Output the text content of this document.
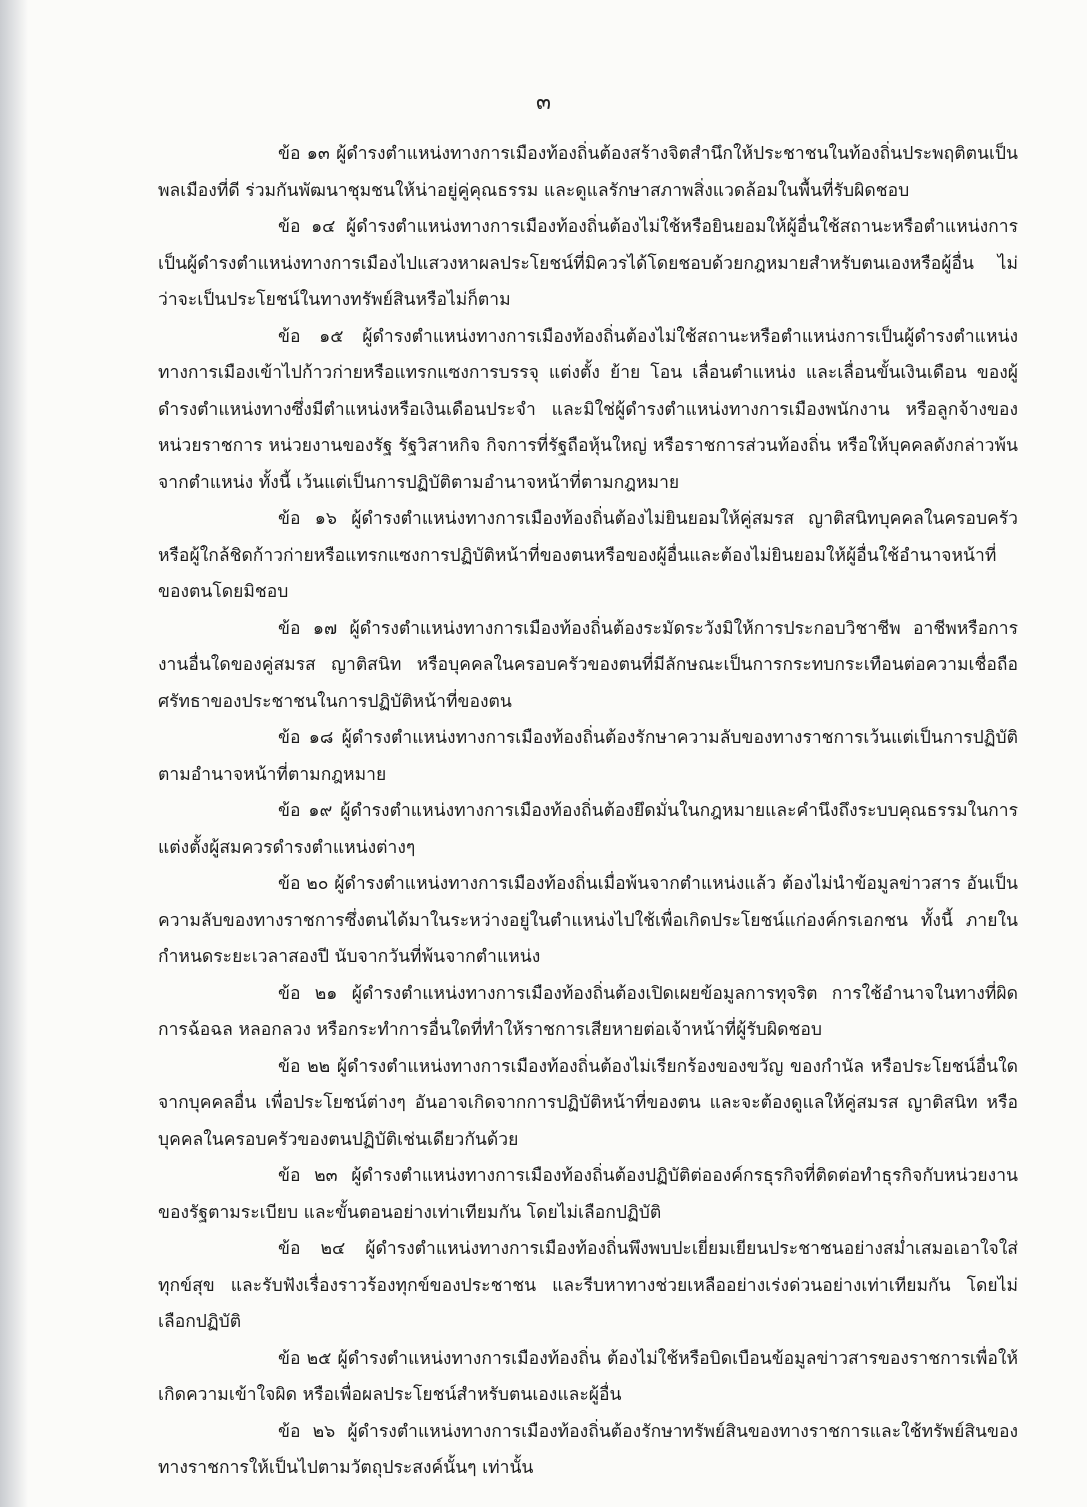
๓

ข้อ ๑๓ ผู้ดำรงตำแหน่งทางการเมืองท้องถิ่นต้องสร้างจิตสำนึกให้ประชาชนในท้องถิ่นประพฤติตนเป็นพลเมืองที่ดี ร่วมกันพัฒนาชุมชนให้น่าอยู่คู่คุณธรรม และดูแลรักษาสภาพสิ่งแวดล้อมในพื้นที่รับผิดชอบ

ข้อ ๑๔ ผู้ดำรงตำแหน่งทางการเมืองท้องถิ่นต้องไม่ใช้หรือยินยอมให้ผู้อื่นใช้สถานะหรือตำแหน่งการเป็นผู้ดำรงตำแหน่งทางการเมืองไปแสวงหาผลประโยชน์ที่มิควรได้โดยชอบด้วยกฎหมายสำหรับตนเองหรือผู้อื่น ไม่ว่าจะเป็นประโยชน์ในทางทรัพย์สินหรือไม่ก็ตาม

ข้อ ๑๕ ผู้ดำรงตำแหน่งทางการเมืองท้องถิ่นต้องไม่ใช้สถานะหรือตำแหน่งการเป็นผู้ดำรงตำแหน่งทางการเมืองเข้าไปก้าวก่ายหรือแทรกแซงการบรรจุ แต่งตั้ง ย้าย โอน เลื่อนตำแหน่ง และเลื่อนขั้นเงินเดือน ของผู้ดำรงตำแหน่งทางซึ่งมีตำแหน่งหรือเงินเดือนประจำ และมิใช่ผู้ดำรงตำแหน่งทางการเมืองพนักงาน หรือลูกจ้างของหน่วยราชการ หน่วยงานของรัฐ รัฐวิสาหกิจ กิจการที่รัฐถือหุ้นใหญ่ หรือราชการส่วนท้องถิ่น หรือให้บุคคลดังกล่าวพ้นจากตำแหน่ง ทั้งนี้ เว้นแต่เป็นการปฏิบัติตามอำนาจหน้าที่ตามกฎหมาย

ข้อ ๑๖ ผู้ดำรงตำแหน่งทางการเมืองท้องถิ่นต้องไม่ยินยอมให้คู่สมรส ญาติสนิทบุคคลในครอบครัวหรือผู้ใกล้ชิดก้าวก่ายหรือแทรกแซงการปฏิบัติหน้าที่ของตนหรือของผู้อื่นและต้องไม่ยินยอมให้ผู้อื่นใช้อำนาจหน้าที่ของตนโดยมิชอบ

ข้อ ๑๗ ผู้ดำรงตำแหน่งทางการเมืองท้องถิ่นต้องระมัดระวังมิให้การประกอบวิชาชีพ อาชีพหรือการงานอื่นใดของคู่สมรส ญาติสนิท หรือบุคคลในครอบครัวของตนที่มีลักษณะเป็นการกระทบกระเทือนต่อความเชื่อถือศรัทธาของประชาชนในการปฏิบัติหน้าที่ของตน

ข้อ ๑๘ ผู้ดำรงตำแหน่งทางการเมืองท้องถิ่นต้องรักษาความลับของทางราชการเว้นแต่เป็นการปฏิบัติตามอำนาจหน้าที่ตามกฎหมาย

ข้อ ๑๙ ผู้ดำรงตำแหน่งทางการเมืองท้องถิ่นต้องยึดมั่นในกฎหมายและคำนึงถึงระบบคุณธรรมในการแต่งตั้งผู้สมควรดำรงตำแหน่งต่างๆ

ข้อ ๒๐ ผู้ดำรงตำแหน่งทางการเมืองท้องถิ่นเมื่อพ้นจากตำแหน่งแล้ว ต้องไม่นำข้อมูลข่าวสาร อันเป็นความลับของทางราชการซึ่งตนได้มาในระหว่างอยู่ในตำแหน่งไปใช้เพื่อเกิดประโยชน์แก่องค์กรเอกชน ทั้งนี้ ภายในกำหนดระยะเวลาสองปี นับจากวันที่พ้นจากตำแหน่ง

ข้อ ๒๑ ผู้ดำรงตำแหน่งทางการเมืองท้องถิ่นต้องเปิดเผยข้อมูลการทุจริต การใช้อำนาจในทางที่ผิด การฉ้อฉล หลอกลวง หรือกระทำการอื่นใดที่ทำให้ราชการเสียหายต่อเจ้าหน้าที่ผู้รับผิดชอบ

ข้อ ๒๒ ผู้ดำรงตำแหน่งทางการเมืองท้องถิ่นต้องไม่เรียกร้องของขวัญ ของกำนัล หรือประโยชน์อื่นใดจากบุคคลอื่น เพื่อประโยชน์ต่างๆ อันอาจเกิดจากการปฏิบัติหน้าที่ของตน และจะต้องดูแลให้คู่สมรส ญาติสนิท หรือบุคคลในครอบครัวของตนปฏิบัติเช่นเดียวกันด้วย

ข้อ ๒๓ ผู้ดำรงตำแหน่งทางการเมืองท้องถิ่นต้องปฏิบัติต่อองค์กรธุรกิจที่ติดต่อทำธุรกิจกับหน่วยงานของรัฐตามระเบียบ และขั้นตอนอย่างเท่าเทียมกัน โดยไม่เลือกปฏิบัติ

ข้อ ๒๔ ผู้ดำรงตำแหน่งทางการเมืองท้องถิ่นพึงพบปะเยี่ยมเยียนประชาชนอย่างสม่ำเสมอเอาใจใส่ทุกข์สุข และรับฟังเรื่องราวร้องทุกข์ของประชาชน และรีบหาทางช่วยเหลืออย่างเร่งด่วนอย่างเท่าเทียมกัน โดยไม่เลือกปฏิบัติ

ข้อ ๒๕ ผู้ดำรงตำแหน่งทางการเมืองท้องถิ่น ต้องไม่ใช้หรือบิดเบือนข้อมูลข่าวสารของราชการเพื่อให้เกิดความเข้าใจผิด หรือเพื่อผลประโยชน์สำหรับตนเองและผู้อื่น

ข้อ ๒๖ ผู้ดำรงตำแหน่งทางการเมืองท้องถิ่นต้องรักษาทรัพย์สินของทางราชการและใช้ทรัพย์สินของทางราชการให้เป็นไปตามวัตถุประสงค์นั้นๆ เท่านั้น
